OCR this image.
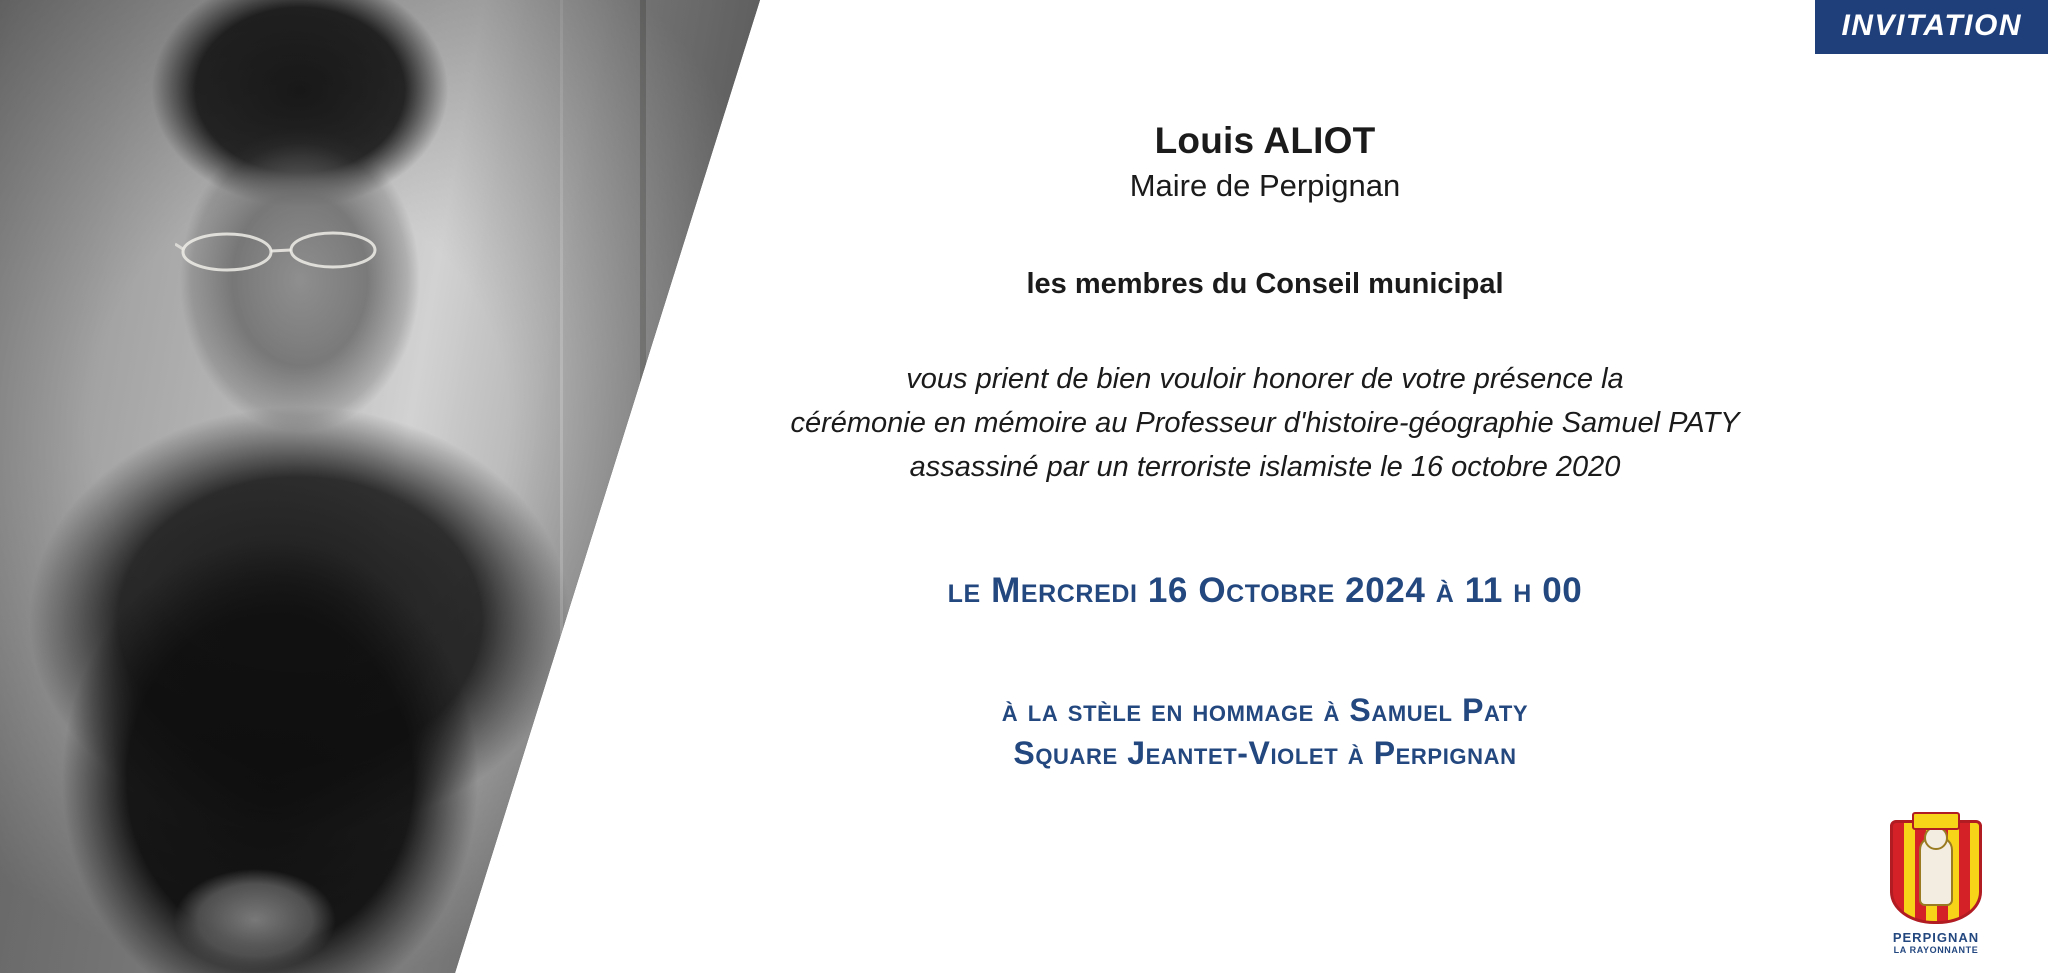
INVITATION
Louis ALIOT
Maire de Perpignan
les membres du Conseil municipal
vous prient de bien vouloir honorer de votre présence la
cérémonie en mémoire au Professeur d'histoire-géographie Samuel PATY
assassiné par un terroriste islamiste le 16 octobre 2020
le Mercredi 16 Octobre 2024 à 11 h 00
à la stèle en hommage à Samuel Paty
Square Jeantet-Violet à Perpignan
PERPIGNAN
LA RAYONNANTE
